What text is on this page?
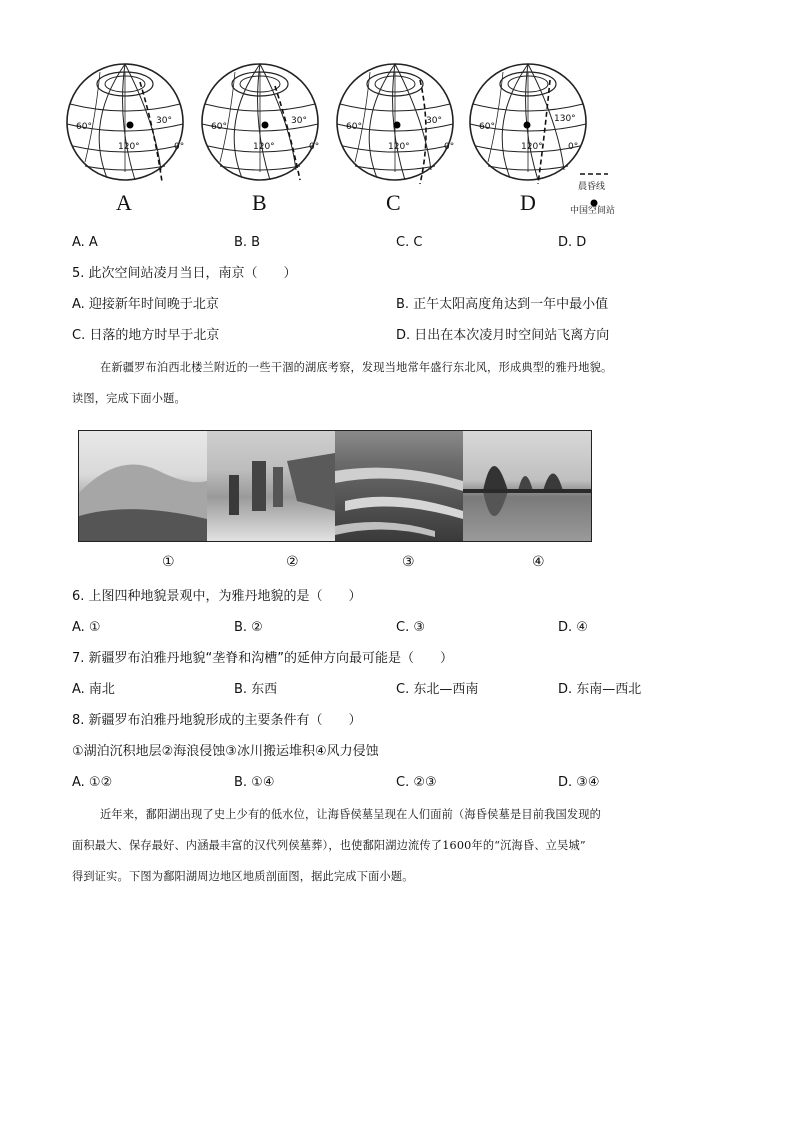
60°
120°
30°
0°
60°
120°
30°
0°
60°
120°
30°
0°
60°
120°
130°
0°
A	B	C	D
晨昏线
中国空间站
A. A	B. B	C. C	D. D
5. 此次空间站凌月当日，南京（　　）
A. 迎接新年时间晚于北京	B. 正午太阳高度角达到一年中最小值
C. 日落的地方时早于北京	D. 日出在本次凌月时空间站飞离方向
在新疆罗布泊西北楼兰附近的一些干涸的湖底考察，发现当地常年盛行东北风，形成典型的雅丹地貌。
读图，完成下面小题。
①	②	③	④
6. 上图四种地貌景观中，为雅丹地貌的是（　　）
A. ①	B. ②	C. ③	D. ④
7. 新疆罗布泊雅丹地貌“垄脊和沟槽”的延伸方向最可能是（　　）
A. 南北	B. 东西	C. 东北—西南	D. 东南—西北
8. 新疆罗布泊雅丹地貌形成的主要条件有（　　）
①湖泊沉积地层②海浪侵蚀③冰川搬运堆积④风力侵蚀
A. ①②	B. ①④	C. ②③	D. ③④
近年来，鄱阳湖出现了史上少有的低水位，让海昏侯墓呈现在人们面前（海昏侯墓是目前我国发现的
面积最大、保存最好、内涵最丰富的汉代列侯墓葬），也使鄱阳湖边流传了1600年的“沉海昏、立吴城”
得到证实。下图为鄱阳湖周边地区地质剖面图，据此完成下面小题。
